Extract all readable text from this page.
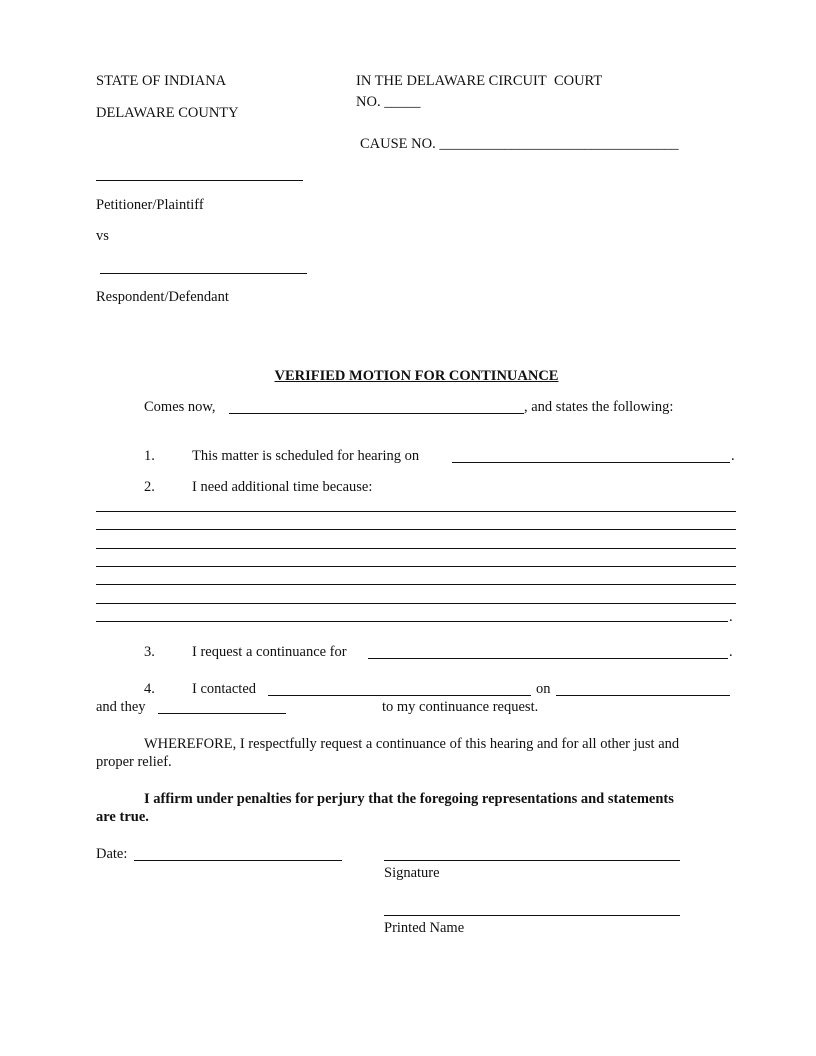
STATE OF INDIANA
DELAWARE COUNTY
IN THE DELAWARE CIRCUIT COURT
NO. _____
CAUSE NO. _________________________________
Petitioner/Plaintiff
vs
Respondent/Defendant
VERIFIED MOTION FOR CONTINUANCE
Comes now,	, and states the following:
1.	This matter is scheduled for hearing on	.
2.	I need additional time because:
.
3.	I request a continuance for	.
4.	I contacted	on
and they	to my continuance request.
WHEREFORE, I respectfully request a continuance of this hearing and for all other just and
proper relief.
I affirm under penalties for perjury that the foregoing representations and statements
are true.
Date:
Signature
Printed Name
